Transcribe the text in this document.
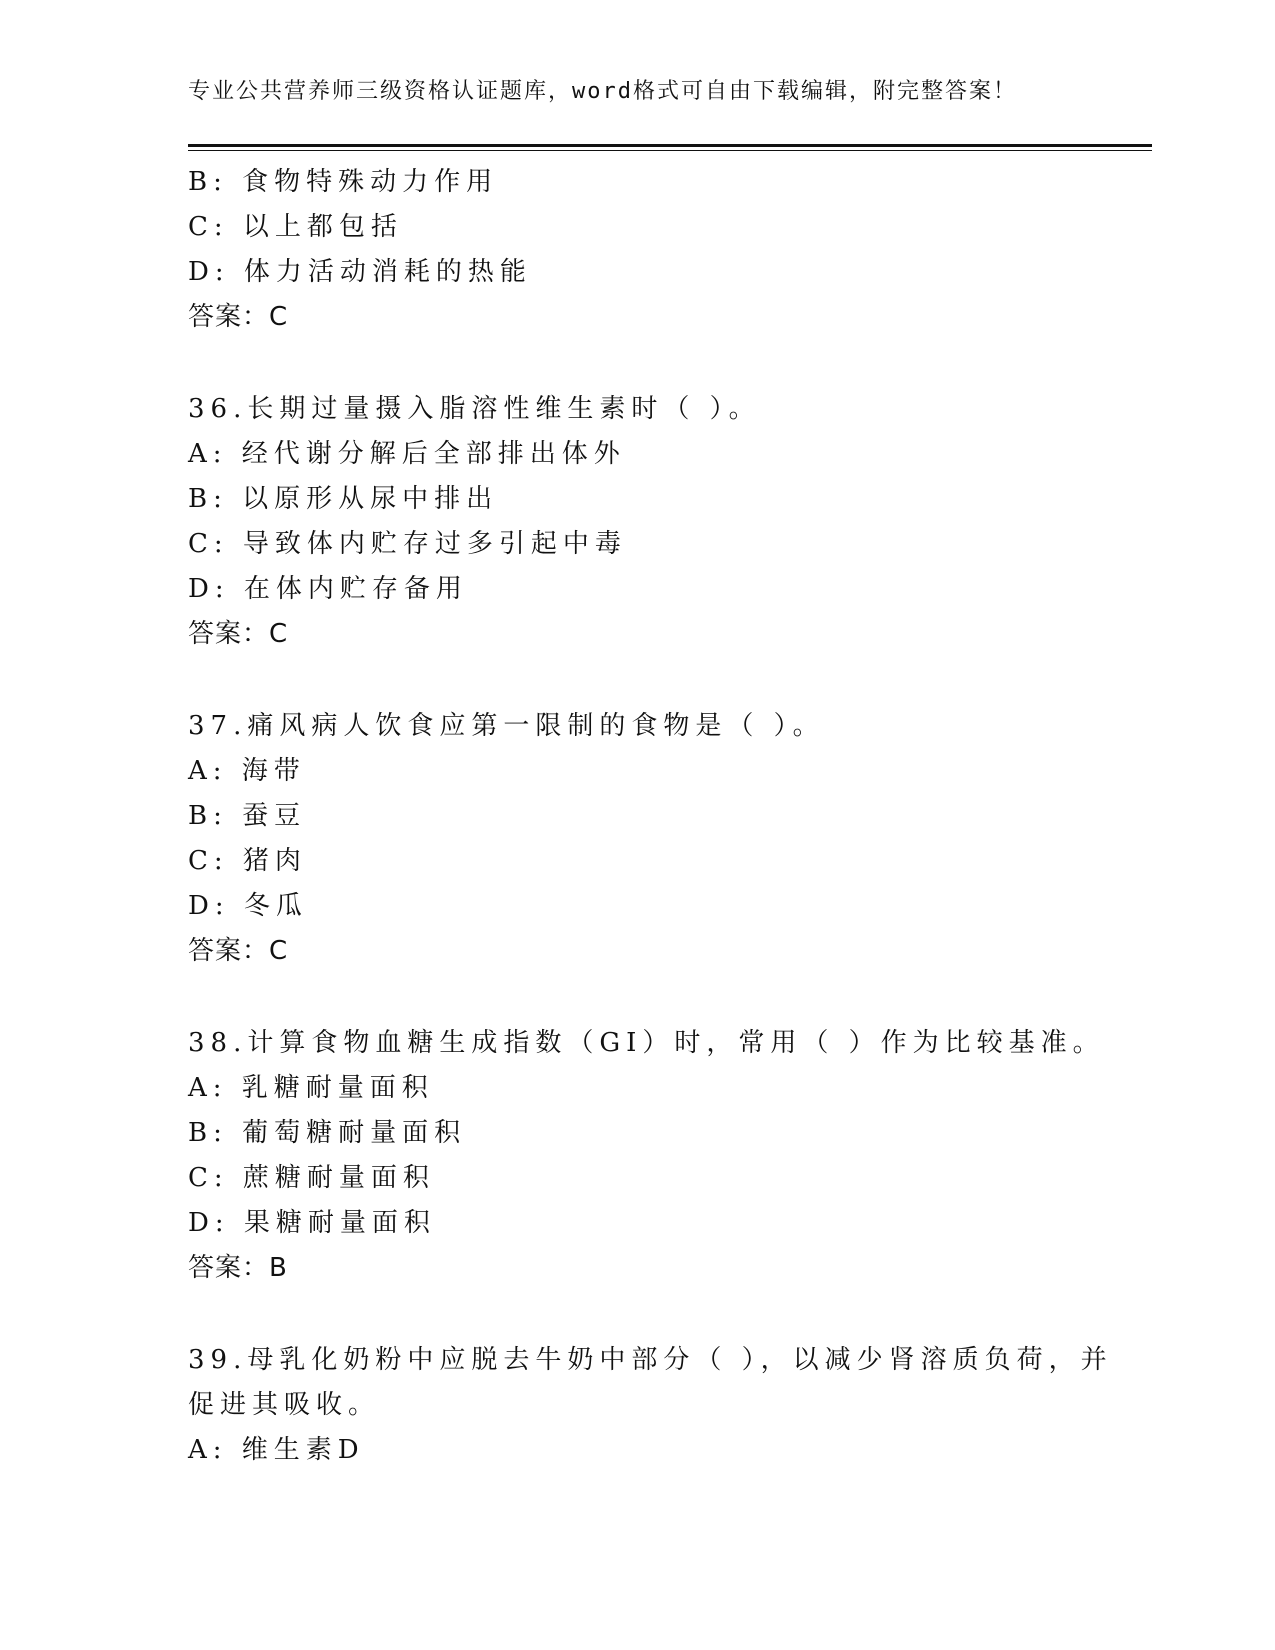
专业公共营养师三级资格认证题库，word格式可自由下载编辑，附完整答案！
B: 食物特殊动力作用
C: 以上都包括
D: 体力活动消耗的热能
答案：C
36.长期过量摄入脂溶性维生素时（ ）。
A: 经代谢分解后全部排出体外
B: 以原形从尿中排出
C: 导致体内贮存过多引起中毒
D: 在体内贮存备用
答案：C
37.痛风病人饮食应第一限制的食物是（ ）。
A: 海带
B: 蚕豆
C: 猪肉
D: 冬瓜
答案：C
38.计算食物血糖生成指数（GI）时，常用（ ）作为比较基准。
A: 乳糖耐量面积
B: 葡萄糖耐量面积
C: 蔗糖耐量面积
D: 果糖耐量面积
答案：B
39.母乳化奶粉中应脱去牛奶中部分（ ），以减少肾溶质负荷，并
促进其吸收。
A: 维生素D
